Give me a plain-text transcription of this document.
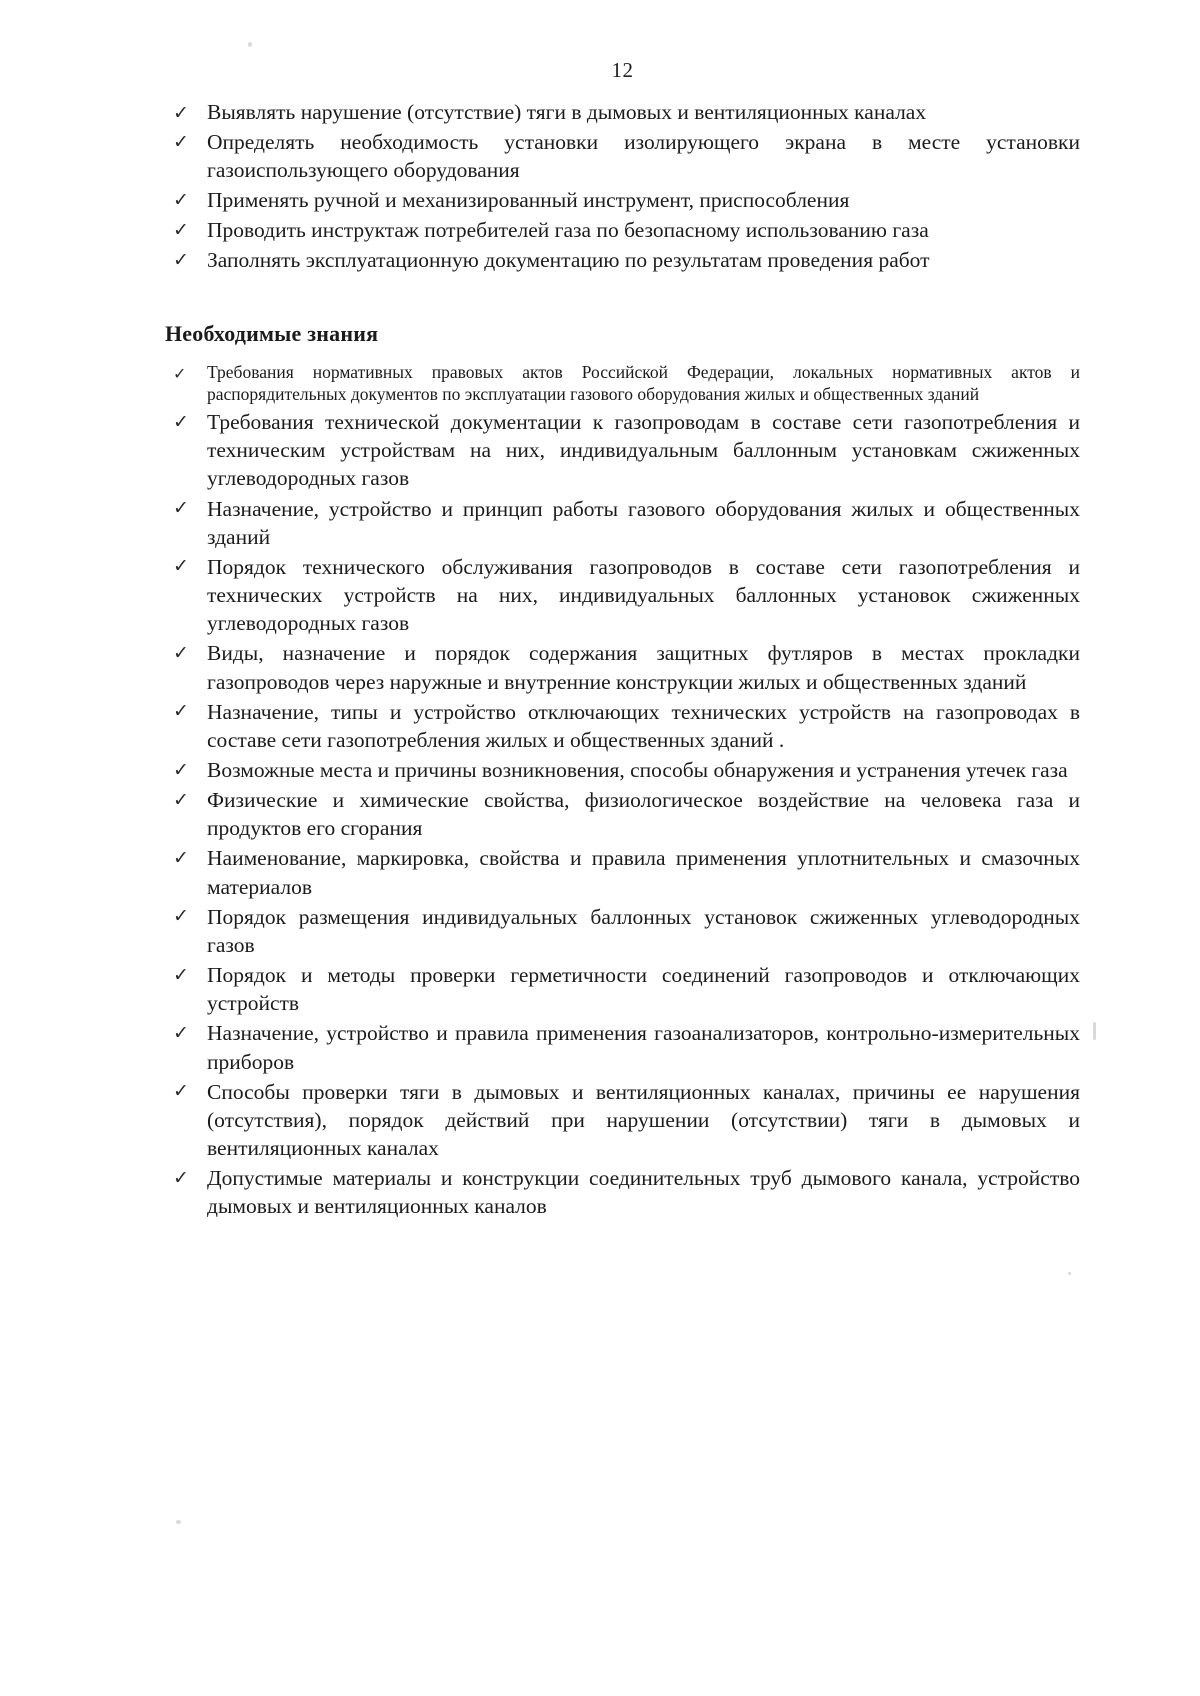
12
✓ Выявлять нарушение (отсутствие) тяги в дымовых и вентиляционных каналах
✓ Определять необходимость установки изолирующего экрана в месте установки газоиспользующего оборудования
✓ Применять ручной и механизированный инструмент, приспособления
✓ Проводить инструктаж потребителей газа по безопасному использованию газа
✓ Заполнять эксплуатационную документацию по результатам проведения работ
Необходимые знания
✓ Требования нормативных правовых актов Российской Федерации, локальных нормативных актов и распорядительных документов по эксплуатации газового оборудования жилых и общественных зданий
✓ Требования технической документации к газопроводам в составе сети газопотребления и техническим устройствам на них, индивидуальным баллонным установкам сжиженных углеводородных газов
✓ Назначение, устройство и принцип работы газового оборудования жилых и общественных зданий
✓ Порядок технического обслуживания газопроводов в составе сети газопотребления и технических устройств на них, индивидуальных баллонных установок сжиженных углеводородных газов
✓ Виды, назначение и порядок содержания защитных футляров в местах прокладки газопроводов через наружные и внутренние конструкции жилых и общественных зданий
✓ Назначение, типы и устройство отключающих технических устройств на газопроводах в составе сети газопотребления жилых и общественных зданий .
✓ Возможные места и причины возникновения, способы обнаружения и устранения утечек газа
✓ Физические и химические свойства, физиологическое воздействие на человека газа и продуктов его сгорания
✓ Наименование, маркировка, свойства и правила применения уплотнительных и смазочных материалов
✓ Порядок размещения индивидуальных баллонных установок сжиженных углеводородных газов
✓ Порядок и методы проверки герметичности соединений газопроводов и отключающих устройств
✓ Назначение, устройство и правила применения газоанализаторов, контрольно-измерительных приборов
✓ Способы проверки тяги в дымовых и вентиляционных каналах, причины ее нарушения (отсутствия), порядок действий при нарушении (отсутствии) тяги в дымовых и вентиляционных каналах
✓ Допустимые материалы и конструкции соединительных труб дымового канала, устройство дымовых и вентиляционных каналов
